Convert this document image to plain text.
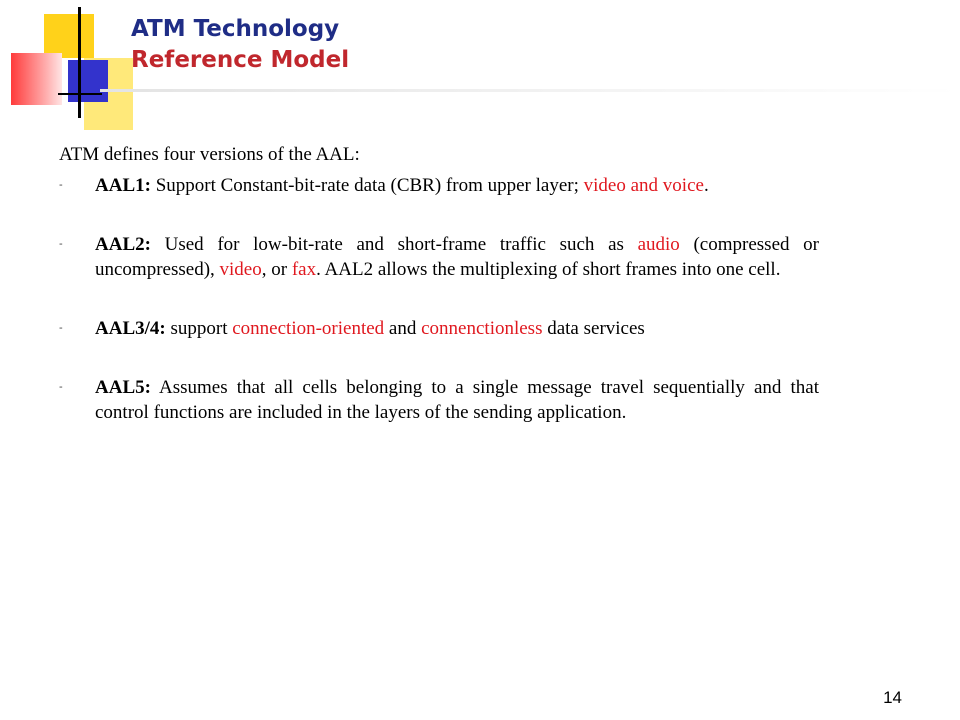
ATM Technology
Reference Model
ATM defines four versions of the AAL:
- AAL1: Support Constant-bit-rate data (CBR) from upper layer; video and voice.
- AAL2: Used for low-bit-rate and short-frame traffic such as audio (compressed or uncompressed), video, or fax. AAL2 allows the multiplexing of short frames into one cell.
- AAL3/4: support connection-oriented and connenctionless data services
- AAL5: Assumes that all cells belonging to a single message travel sequentially and that control functions are included in the layers of the sending application.
14
